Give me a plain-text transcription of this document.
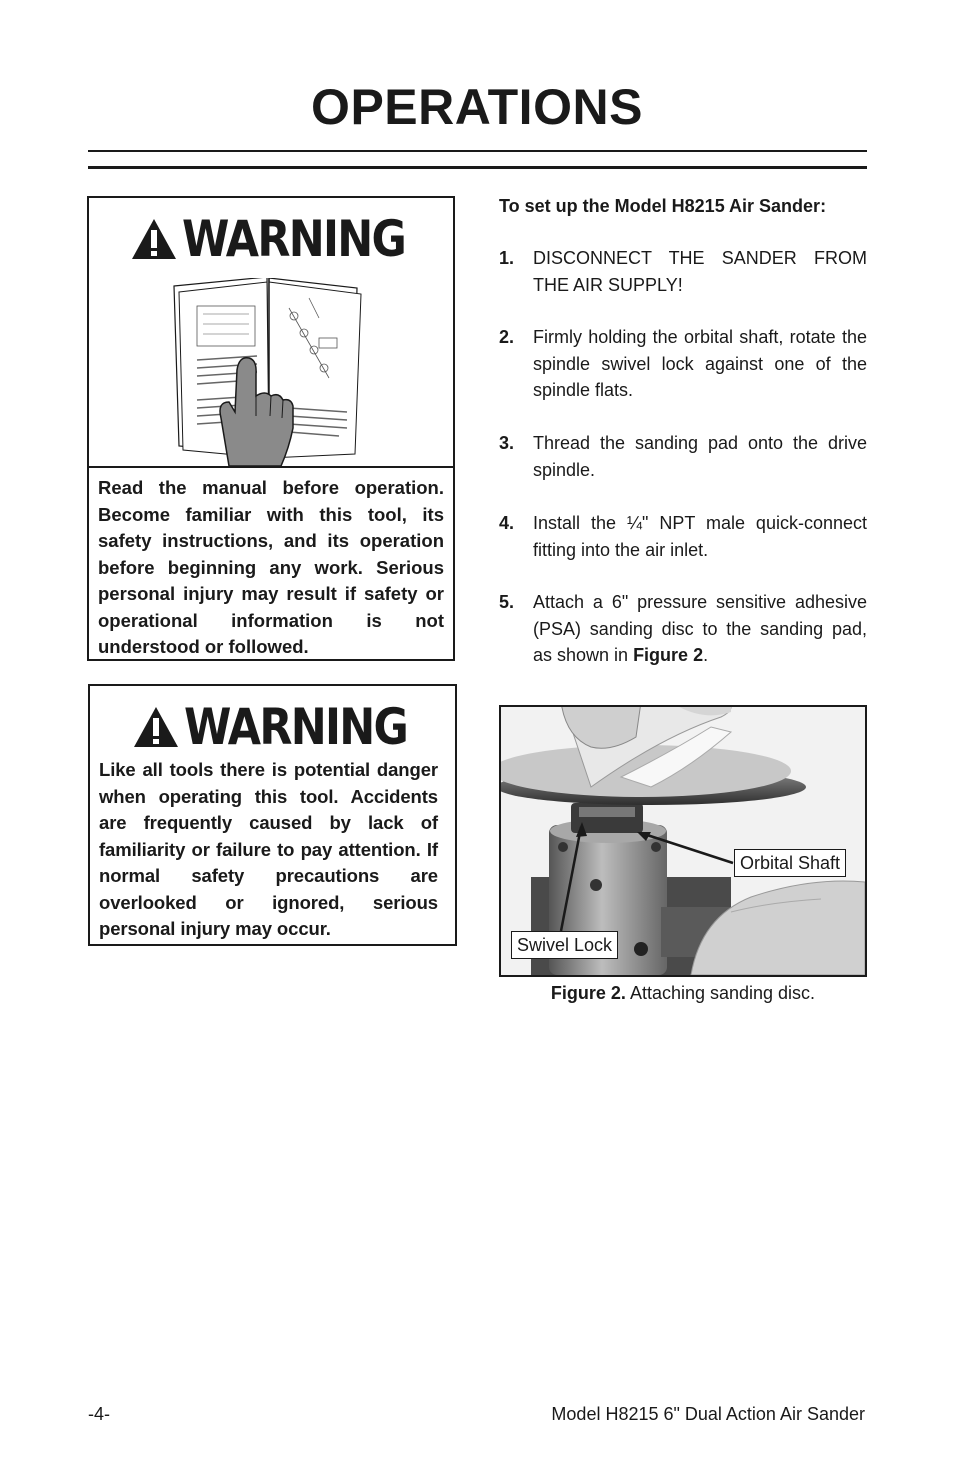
OPERATIONS
WARNING

Read the manual before operation. Become familiar with this tool, its safety instructions, and its operation before beginning any work. Serious personal injury may result if safety or operational information is not understood or followed.

WARNING

Like all tools there is potential danger when operating this tool. Accidents are frequently caused by lack of familiarity or failure to pay attention. If normal safety precautions are overlooked or ignored, serious personal injury may occur.

To set up the Model H8215 Air Sander:

1.	DISCONNECT THE SANDER FROM THE AIR SUPPLY!
2.	Firmly holding the orbital shaft, rotate the spindle swivel lock against one of the spindle flats.
3.	Thread the sanding pad onto the drive spindle.
4.	Install the ¼" NPT male quick-connect fitting into the air inlet.
5.	Attach a 6" pressure sensitive adhesive (PSA) sanding disc to the sanding pad, as shown in Figure 2.
Orbital Shaft
Swivel Lock
Figure 2. Attaching sanding disc.
-4-	Model H8215 6" Dual Action Air Sander
